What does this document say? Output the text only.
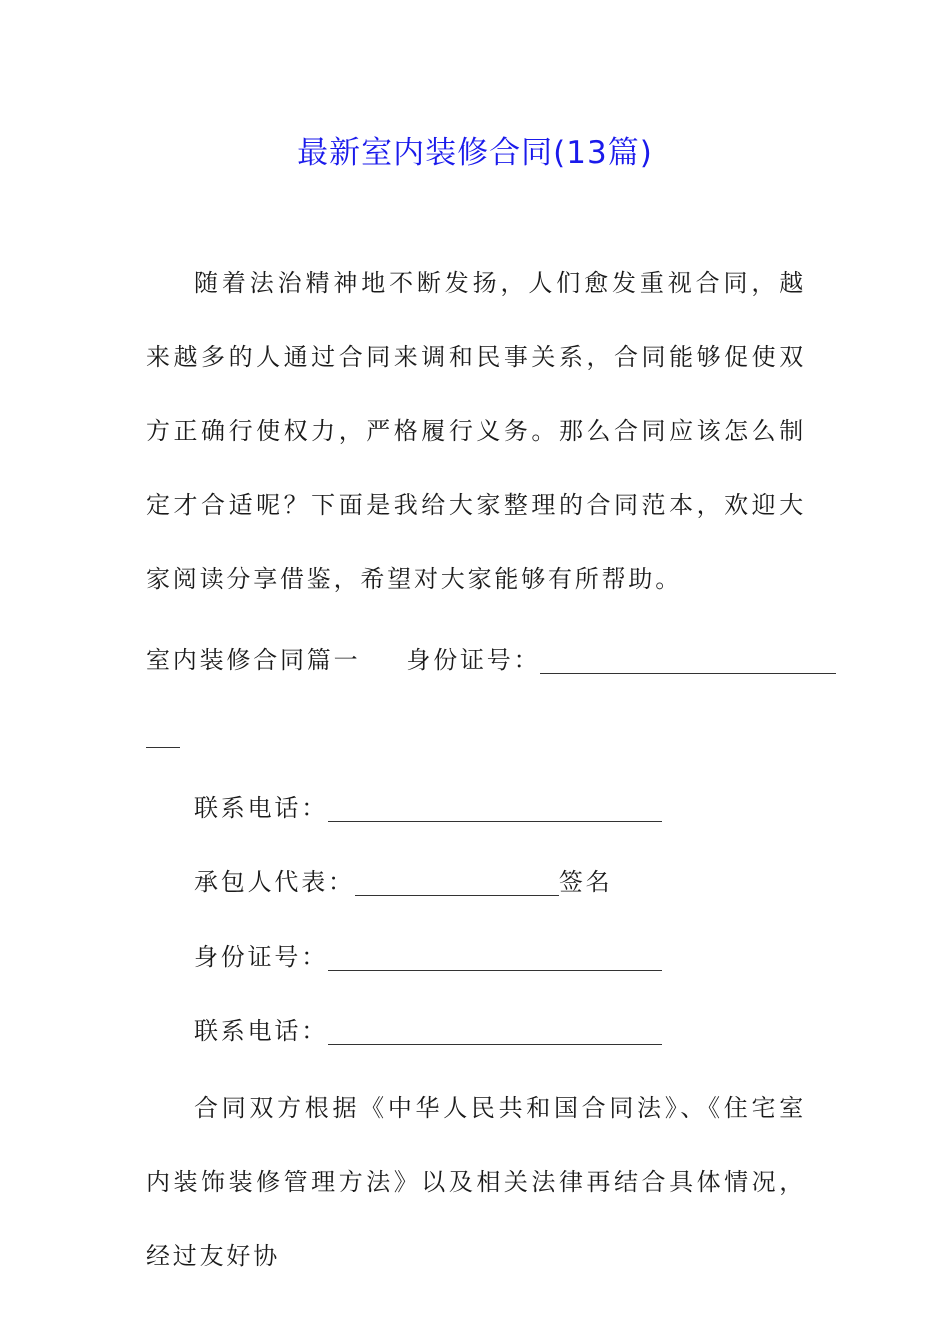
最新室内装修合同(13篇)

随着法治精神地不断发扬，人们愈发重视合同，越来越多的人通过合同来调和民事关系，合同能够促使双方正确行使权力，严格履行义务。那么合同应该怎么制定才合适呢？下面是我给大家整理的合同范本，欢迎大家阅读分享借鉴，希望对大家能够有所帮助。

室内装修合同篇一 身份证号：
联系电话：
承包人代表：	签名
身份证号：
联系电话：

合同双方根据《中华人民共和国合同法》、《住宅室内装饰装修管理方法》以及相关法律再结合具体情况，经过友好协
